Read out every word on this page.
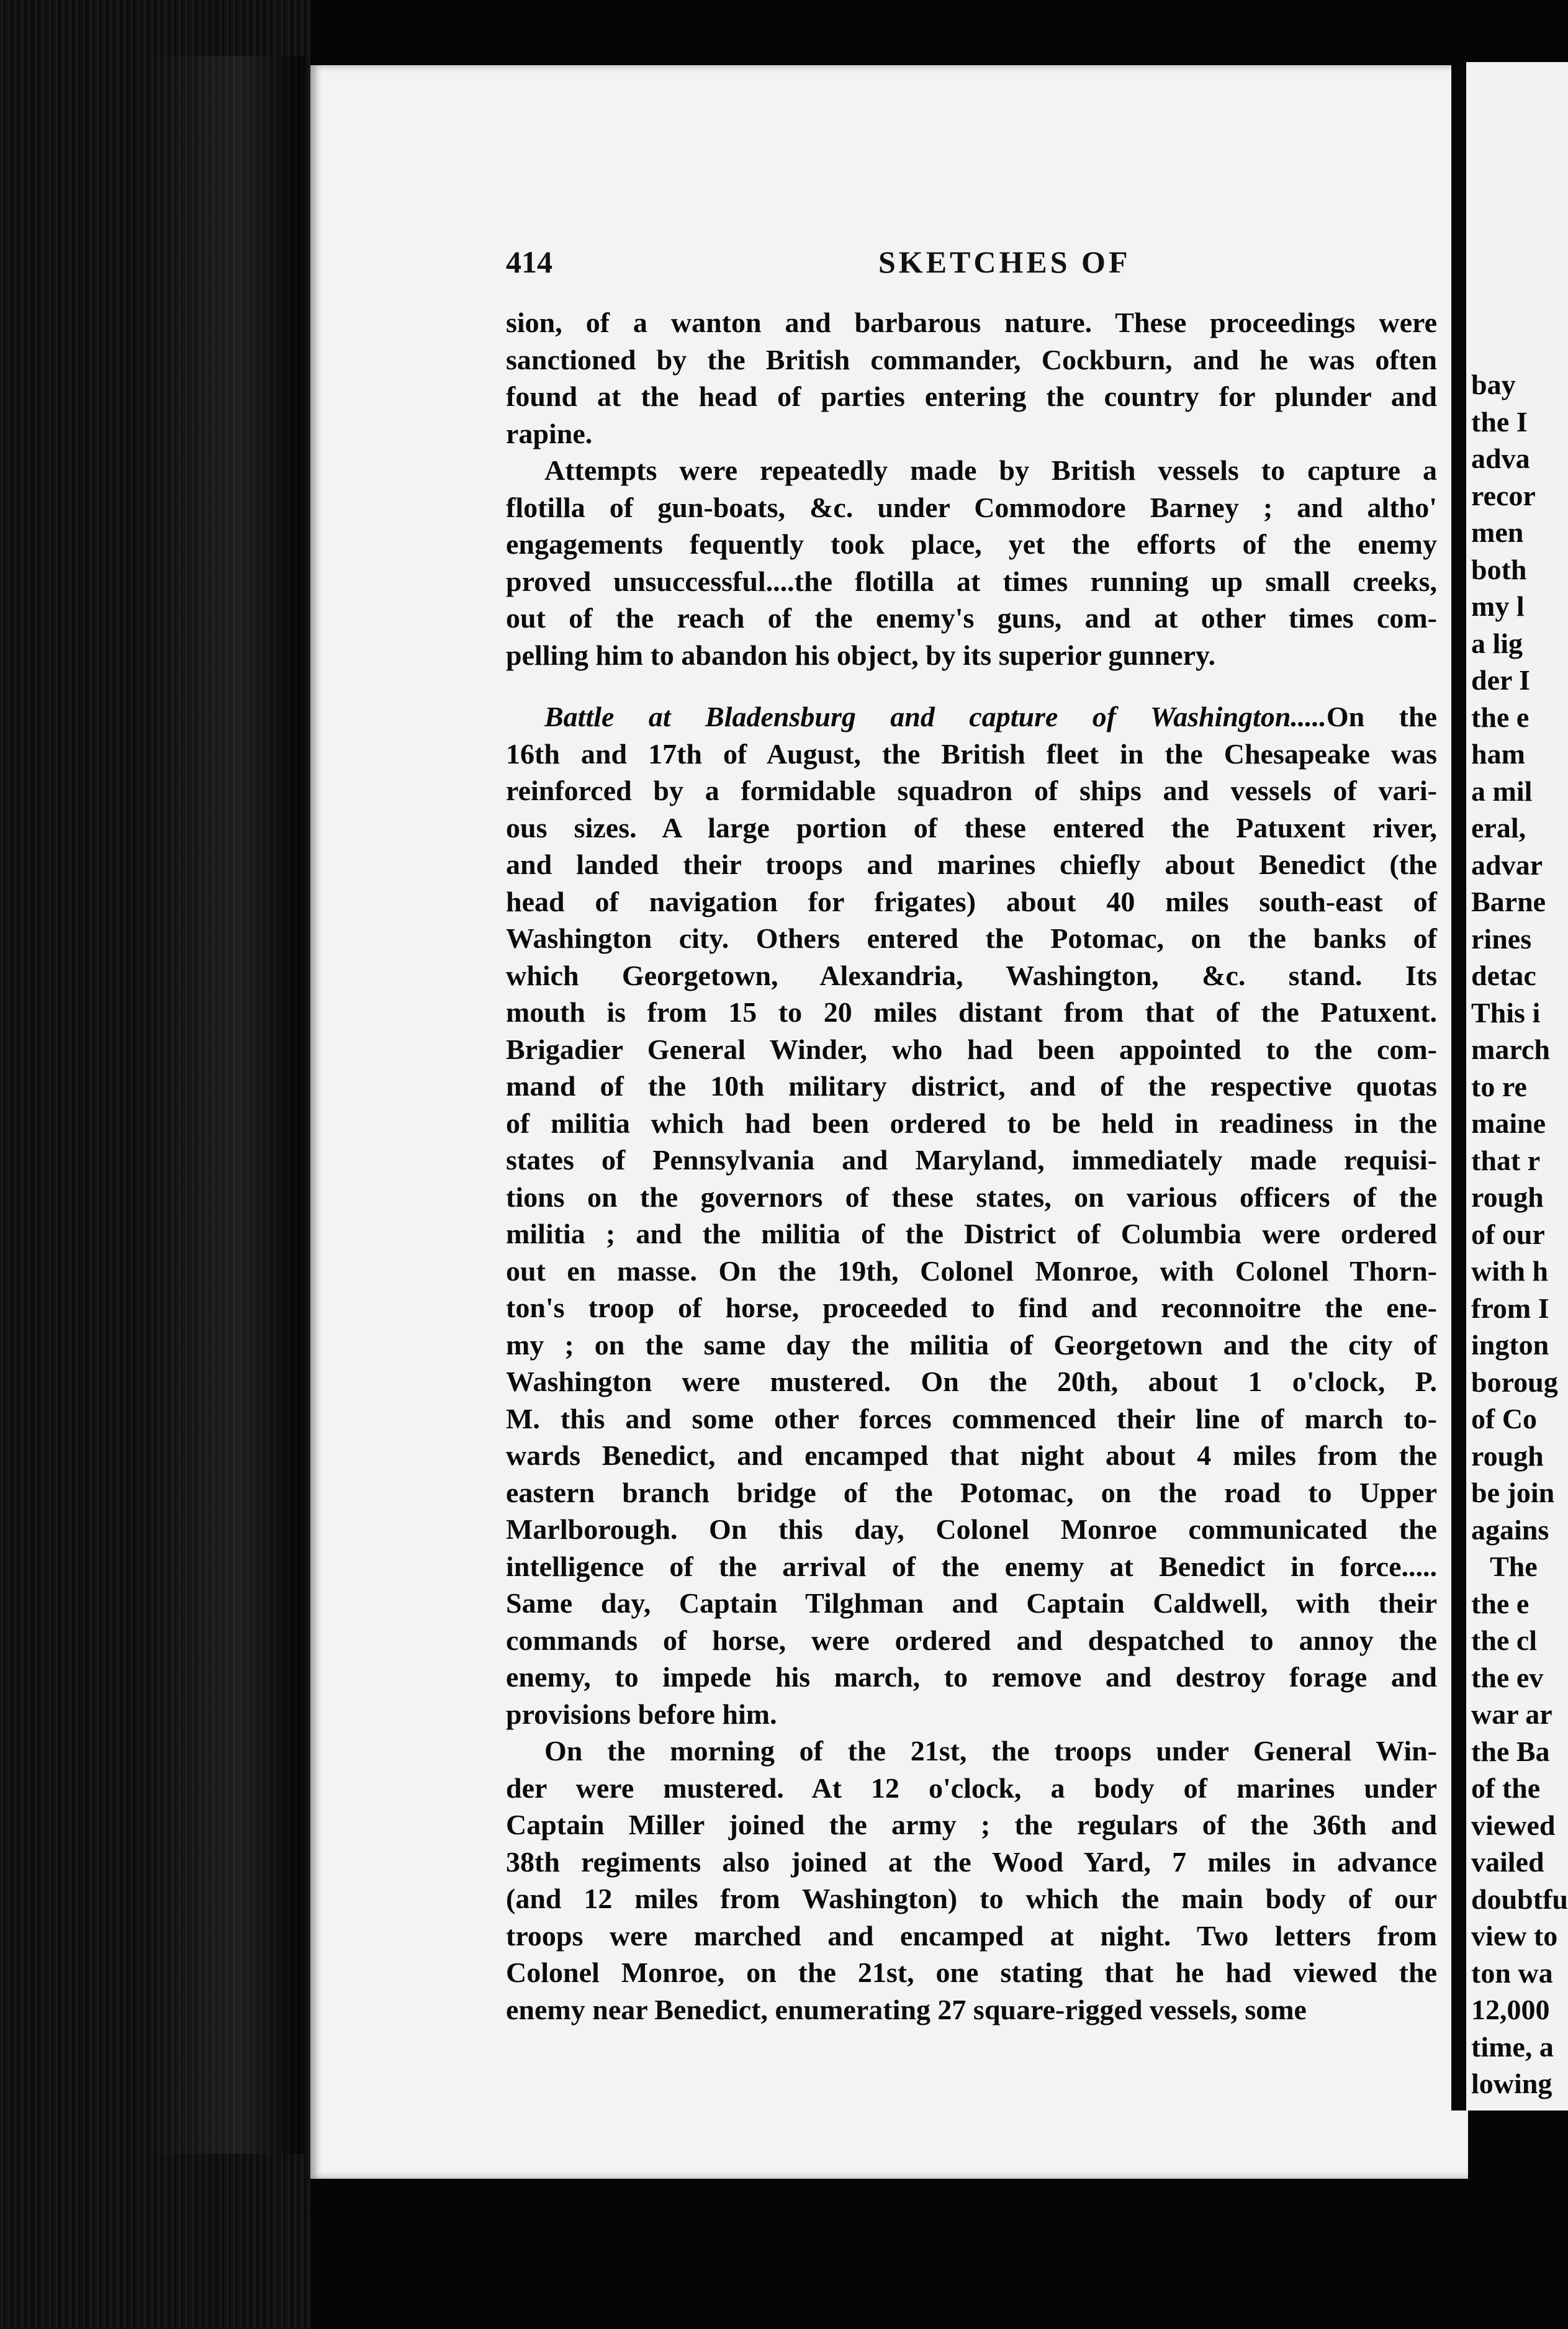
bay
the I
adva
recor
men
both
my l
a lig
der I
the e
ham
a mil
eral,
advar
Barne
rines
detac
This i
march
to re
maine
that r
rough
of our
with h
from I
ington
boroug
of Co
rough
be join
agains
The
the e
the cl
the ev
war ar
the Ba
of the
viewed
vailed
doubtfu
view to
ton wa
12,000
time, a
lowing
414	SKETCHES OF
sion, of a wanton and barbarous nature. These proceedings were
sanctioned by the British commander, Cockburn, and he was often
found at the head of parties entering the country for plunder and
rapine.
Attempts were repeatedly made by British vessels to capture a
flotilla of gun-boats, &c. under Commodore Barney ; and altho'
engagements fequently took place, yet the efforts of the enemy
proved unsuccessful....the flotilla at times running up small creeks,
out of the reach of the enemy's guns, and at other times com-
pelling him to abandon his object, by its superior gunnery.
Battle at Bladensburg and capture of Washington.....On the
16th and 17th of August, the British fleet in the Chesapeake was
reinforced by a formidable squadron of ships and vessels of vari-
ous sizes. A large portion of these entered the Patuxent river,
and landed their troops and marines chiefly about Benedict (the
head of navigation for frigates) about 40 miles south-east of
Washington city. Others entered the Potomac, on the banks of
which Georgetown, Alexandria, Washington, &c. stand. Its
mouth is from 15 to 20 miles distant from that of the Patuxent.
Brigadier General Winder, who had been appointed to the com-
mand of the 10th military district, and of the respective quotas
of militia which had been ordered to be held in readiness in the
states of Pennsylvania and Maryland, immediately made requisi-
tions on the governors of these states, on various officers of the
militia ; and the militia of the District of Columbia were ordered
out en masse. On the 19th, Colonel Monroe, with Colonel Thorn-
ton's troop of horse, proceeded to find and reconnoitre the ene-
my ; on the same day the militia of Georgetown and the city of
Washington were mustered. On the 20th, about 1 o'clock, P.
M. this and some other forces commenced their line of march to-
wards Benedict, and encamped that night about 4 miles from the
eastern branch bridge of the Potomac, on the road to Upper
Marlborough. On this day, Colonel Monroe communicated the
intelligence of the arrival of the enemy at Benedict in force.....
Same day, Captain Tilghman and Captain Caldwell, with their
commands of horse, were ordered and despatched to annoy the
enemy, to impede his march, to remove and destroy forage and
provisions before him.
On the morning of the 21st, the troops under General Win-
der were mustered. At 12 o'clock, a body of marines under
Captain Miller joined the army ; the regulars of the 36th and
38th regiments also joined at the Wood Yard, 7 miles in advance
(and 12 miles from Washington) to which the main body of our
troops were marched and encamped at night. Two letters from
Colonel Monroe, on the 21st, one stating that he had viewed the
enemy near Benedict, enumerating 27 square-rigged vessels, some
